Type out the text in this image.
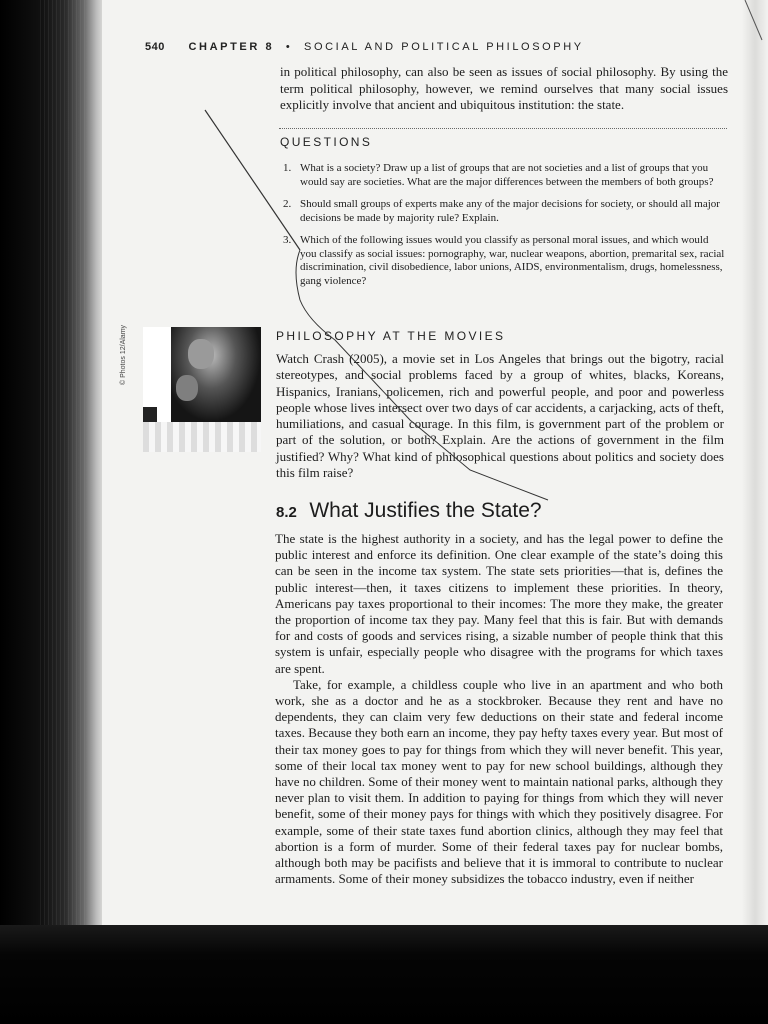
540 CHAPTER 8 • SOCIAL AND POLITICAL PHILOSOPHY
in political philosophy, can also be seen as issues of social philosophy. By using the term political philosophy, however, we remind ourselves that many social issues explicitly involve that ancient and ubiquitous institution: the state.
QUESTIONS
1. What is a society? Draw up a list of groups that are not societies and a list of groups that you would say are societies. What are the major differences between the members of both groups?
2. Should small groups of experts make any of the major decisions for society, or should all major decisions be made by majority rule? Explain.
3. Which of the following issues would you classify as personal moral issues, and which would you classify as social issues: pornography, war, nuclear weapons, abortion, premarital sex, racial discrimination, civil disobedience, labor unions, AIDS, environmentalism, drugs, homelessness, gang violence?
© Photos 12/Alamy	PHILOSOPHY AT THE MOVIES
Watch Crash (2005), a movie set in Los Angeles that brings out the bigotry, racial stereotypes, and social problems faced by a group of whites, blacks, Koreans, Hispanics, Iranians, policemen, rich and powerful people, and poor and powerless people whose lives intersect over two days of car accidents, a carjacking, acts of theft, humiliations, and casual courage. In this film, is government part of the problem or part of the solution, or both? Explain. Are the actions of government in the film justified? Why? What kind of philosophical questions about politics and society does this film raise?
8.2 What Justifies the State?

The state is the highest authority in a society, and has the legal power to define the public interest and enforce its definition. One clear example of the state’s doing this can be seen in the income tax system. The state sets priorities—that is, defines the public interest—then, it taxes citizens to implement these priorities. In theory, Americans pay taxes proportional to their incomes: The more they make, the greater the proportion of income tax they pay. Many feel that this is fair. But with demands for and costs of goods and services rising, a sizable number of people think that this system is unfair, especially people who disagree with the programs for which taxes are spent.

Take, for example, a childless couple who live in an apartment and who both work, she as a doctor and he as a stockbroker. Because they rent and have no dependents, they can claim very few deductions on their state and federal income taxes. Because they both earn an income, they pay hefty taxes every year. But most of their tax money goes to pay for things from which they will never benefit. This year, some of their local tax money went to pay for new school buildings, although they have no children. Some of their money went to maintain national parks, although they never plan to visit them. In addition to paying for things from which they will never benefit, some of their money pays for things with which they positively disagree. For example, some of their state taxes fund abortion clinics, although they may feel that abortion is a form of murder. Some of their federal taxes pay for nuclear bombs, although both may be pacifists and believe that it is immoral to contribute to nuclear armaments. Some of their money subsidizes the tobacco industry, even if neither
